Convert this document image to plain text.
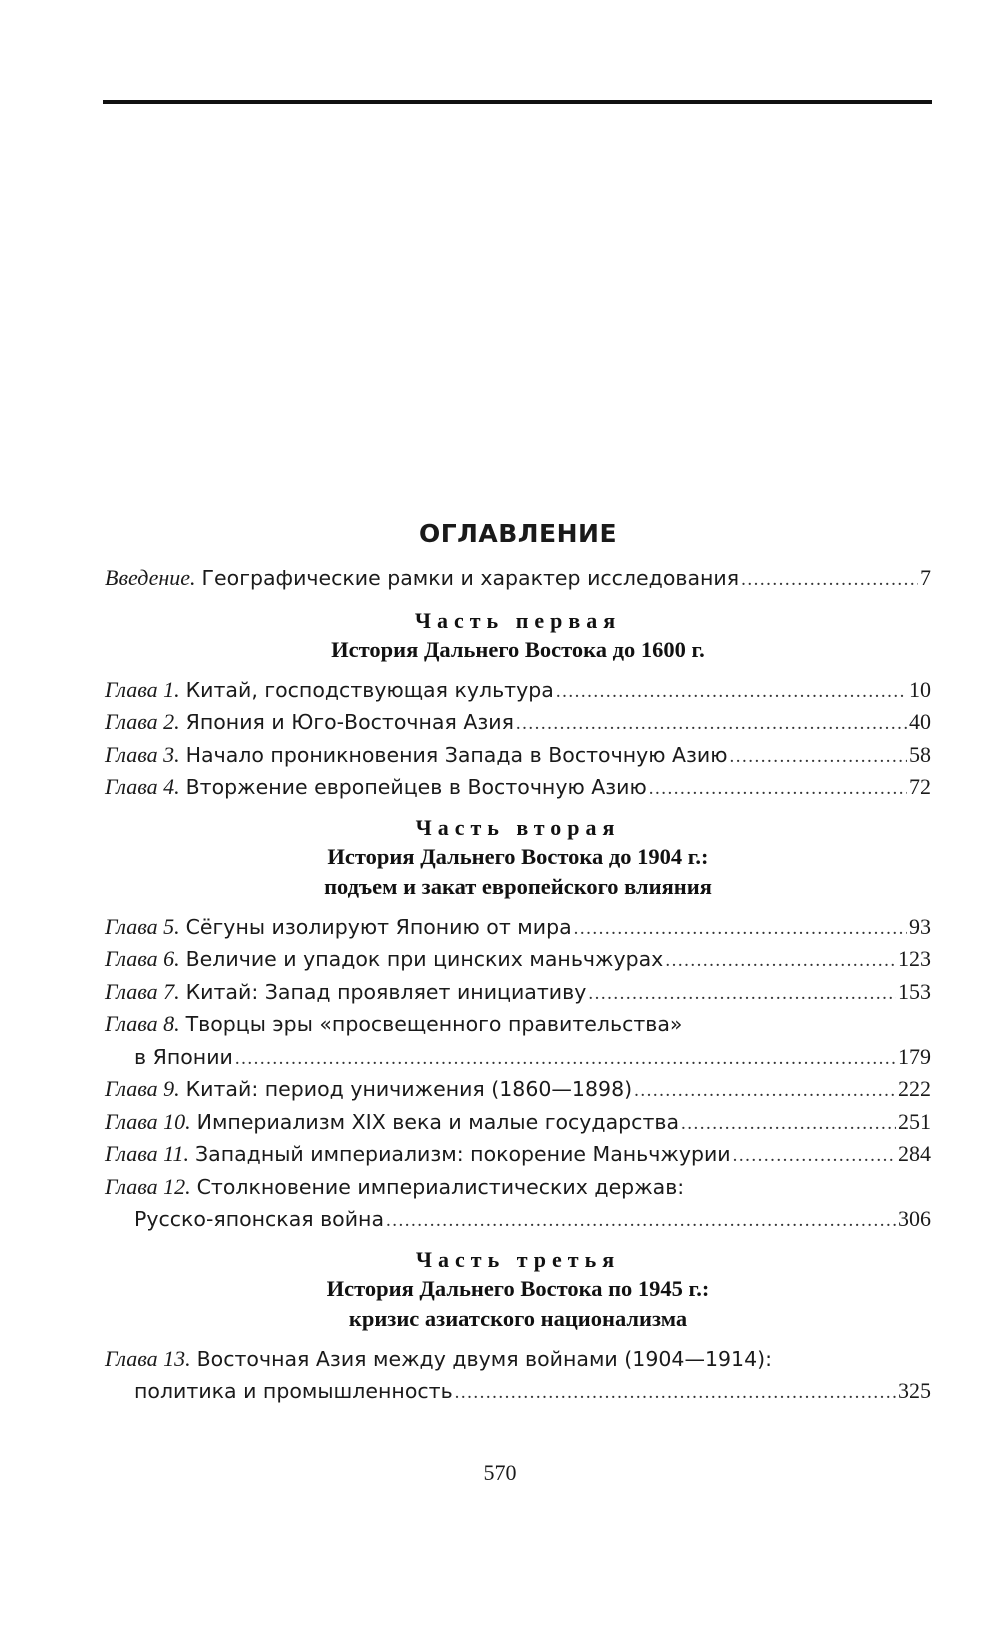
ОГЛАВЛЕНИЕ
Введение. Географические рамки и характер исследования .....	7
Часть первая
История Дальнего Востока до 1600 г.
Глава 1. Китай, господствующая культура .....	10
Глава 2. Япония и Юго-Восточная Азия .....	40
Глава 3. Начало проникновения Запада в Восточную Азию .....	58
Глава 4. Вторжение европейцев в Восточную Азию .....	72
Часть вторая
История Дальнего Востока до 1904 г.:
подъем и закат европейского влияния
Глава 5. Сёгуны изолируют Японию от мира .....	93
Глава 6. Величие и упадок при цинских маньчжурах .....	123
Глава 7. Китай: Запад проявляет инициативу .....	153
Глава 8. Творцы эры «просвещенного правительства»
в Японии .....	179
Глава 9. Китай: период уничижения (1860—1898) .....	222
Глава 10. Империализм XIX века и малые государства .....	251
Глава 11. Западный империализм: покорение Маньчжурии .....	284
Глава 12. Столкновение империалистических держав:
Русско-японская война .....	306
Часть третья
История Дальнего Востока по 1945 г.:
кризис азиатского национализма
Глава 13. Восточная Азия между двумя войнами (1904—1914):
политика и промышленность .....	325
570
